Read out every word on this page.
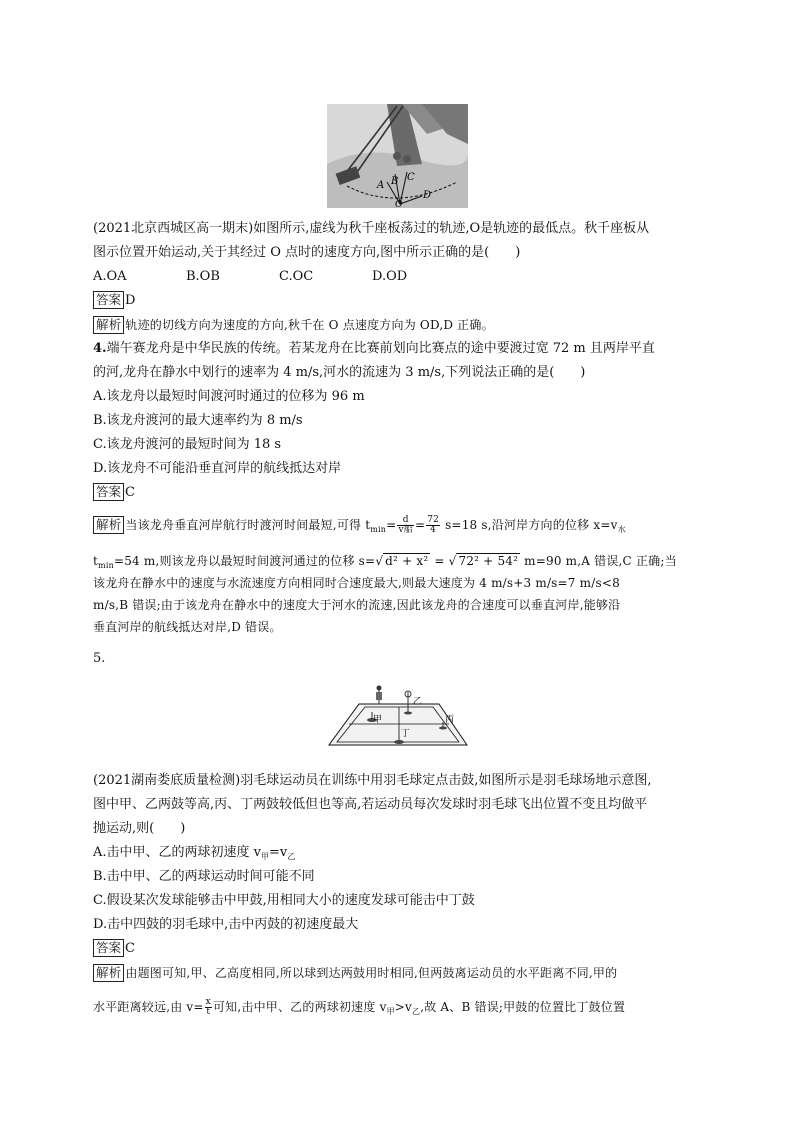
A B C
D
O
(2021北京西城区高一期末)如图所示,虚线为秋千座板荡过的轨迹,O是轨迹的最低点。秋千座板从
图示位置开始运动,关于其经过 O 点时的速度方向,图中所示正确的是(　　)
A.OA	B.OB	C.OC	D.OD
答案 D
解析 轨迹的切线方向为速度的方向,秋千在 O 点速度方向为 OD,D 正确。
4.端午赛龙舟是中华民族的传统。若某龙舟在比赛前划向比赛点的途中要渡过宽 72 m 且两岸平直
的河,龙舟在静水中划行的速率为 4 m/s,河水的流速为 3 m/s,下列说法正确的是(　　)
A.该龙舟以最短时间渡河时通过的位移为 96 m
B.该龙舟渡河的最大速率约为 8 m/s
C.该龙舟渡河的最短时间为 18 s
D.该龙舟不可能沿垂直河岸的航线抵达对岸
答案 C
解析 当该龙舟垂直河岸航行时渡河时间最短,可得 $t_{min}= \frac{d}{\text{v船}} = \frac{72}{4} s=18$ s,沿河岸方向的位移 $x=v_水$
$t_{min}=54$ m,则该龙舟以最短时间渡河通过的位移 s=√ d² + x² = √ 72² + 54² m=90 m,A 错误,C 正确;当
该龙舟在静水中的速度与水流速度方向相同时合速度最大,则最大速度为 4 m/s+3 m/s=7 m/s<8
m/s,B 错误;由于该龙舟在静水中的速度大于河水的流速,因此该龙舟的合速度可以垂直河岸,能够沿
垂直河岸的航线抵达对岸,D 错误。
5.
甲
乙
丙
丁
(2021湖南娄底质量检测)羽毛球运动员在训练中用羽毛球定点击鼓,如图所示是羽毛球场地示意图,
图中甲、乙两鼓等高,丙、丁两鼓较低但也等高,若运动员每次发球时羽毛球飞出位置不变且均做平
抛运动,则(　　)
A.击中甲、乙的两球初速度 $v_甲=v_乙$
B.击中甲、乙的两球运动时间可能不同
C.假设某次发球能够击中甲鼓,用相同大小的速度发球可能击中丁鼓
D.击中四鼓的羽毛球中,击中丙鼓的初速度最大
答案 C
解析 由题图可知,甲、乙高度相同,所以球到达两鼓用时相同,但两鼓离运动员的水平距离不同,甲的
水平距离较远,由 $v= \frac{x}{t}$ 可知,击中甲、乙的两球初速度 $v_甲>v_乙$,故 A、B 错误;甲鼓的位置比丁鼓位置
